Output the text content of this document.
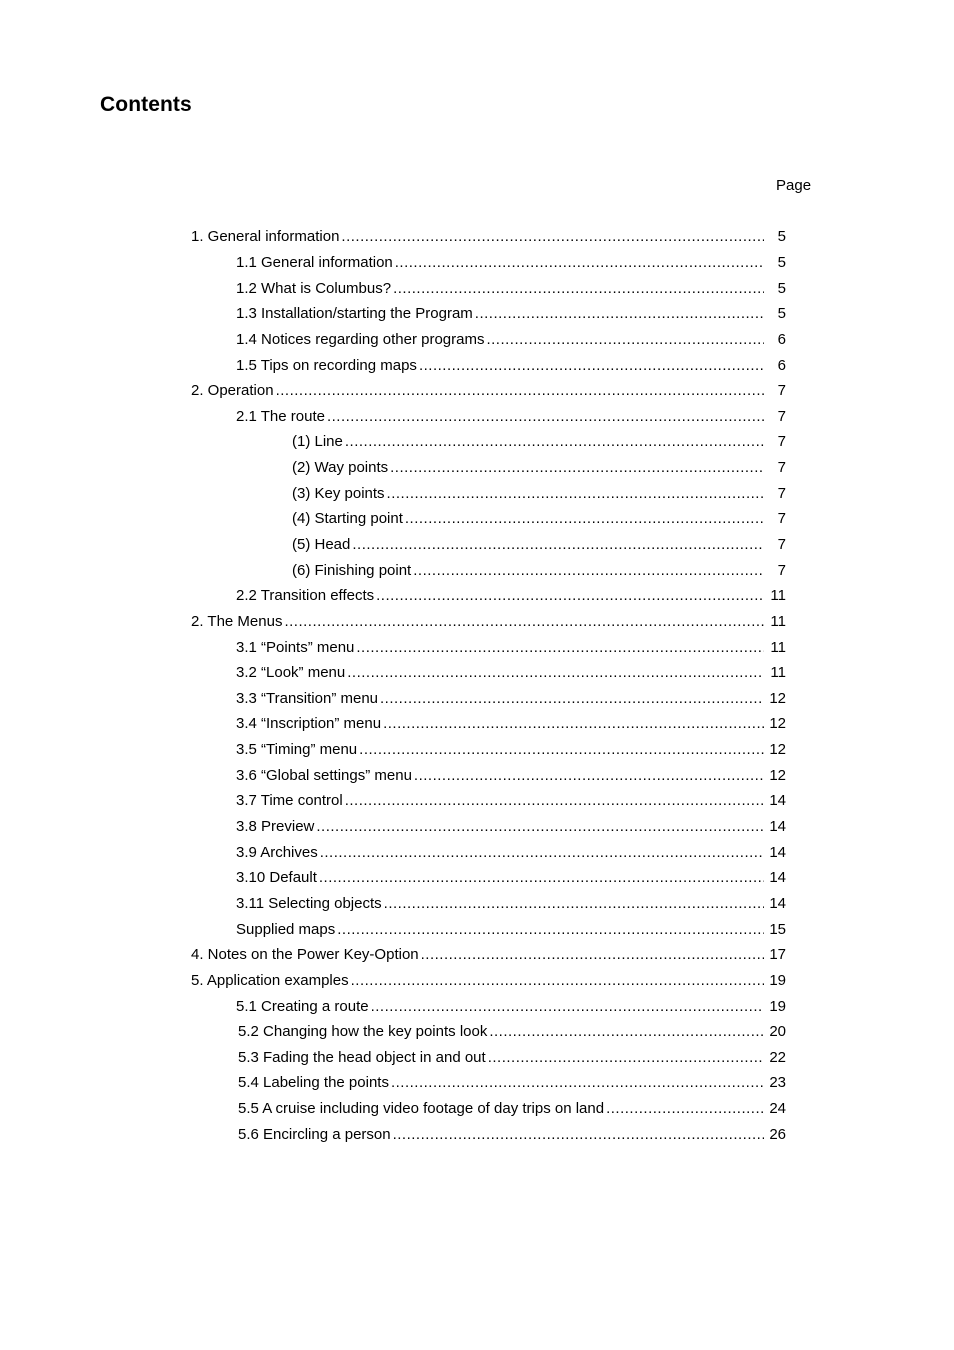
Contents
Page
1. General information .....	5
1.1 General information .....	5
1.2 What is Columbus? .....	5
1.3 Installation/starting the Program .....	5
1.4 Notices regarding other programs .....	6
1.5 Tips on recording maps .....	6
2. Operation .....	7
2.1 The route .....	7
(1) Line .....	7
(2) Way points .....	7
(3) Key points .....	7
(4) Starting point .....	7
(5) Head .....	7
(6) Finishing point .....	7
2.2 Transition effects .....	11
2. The Menus .....	11
3.1 “Points” menu .....	11
3.2 “Look” menu .....	11
3.3 “Transition” menu .....	12
3.4 “Inscription” menu .....	12
3.5 “Timing” menu .....	12
3.6 “Global settings” menu .....	12
3.7 Time control .....	14
3.8 Preview .....	14
3.9 Archives .....	14
3.10 Default .....	14
3.11 Selecting objects .....	14
Supplied maps .....	15
4. Notes on the Power Key-Option .....	17
5. Application examples .....	19
5.1 Creating a route .....	19
5.2 Changing how the key points look .....	20
5.3 Fading the head object in and out .....	22
5.4 Labeling the points .....	23
5.5 A cruise including video footage of day trips on land .....	24
5.6 Encircling a person .....	26
